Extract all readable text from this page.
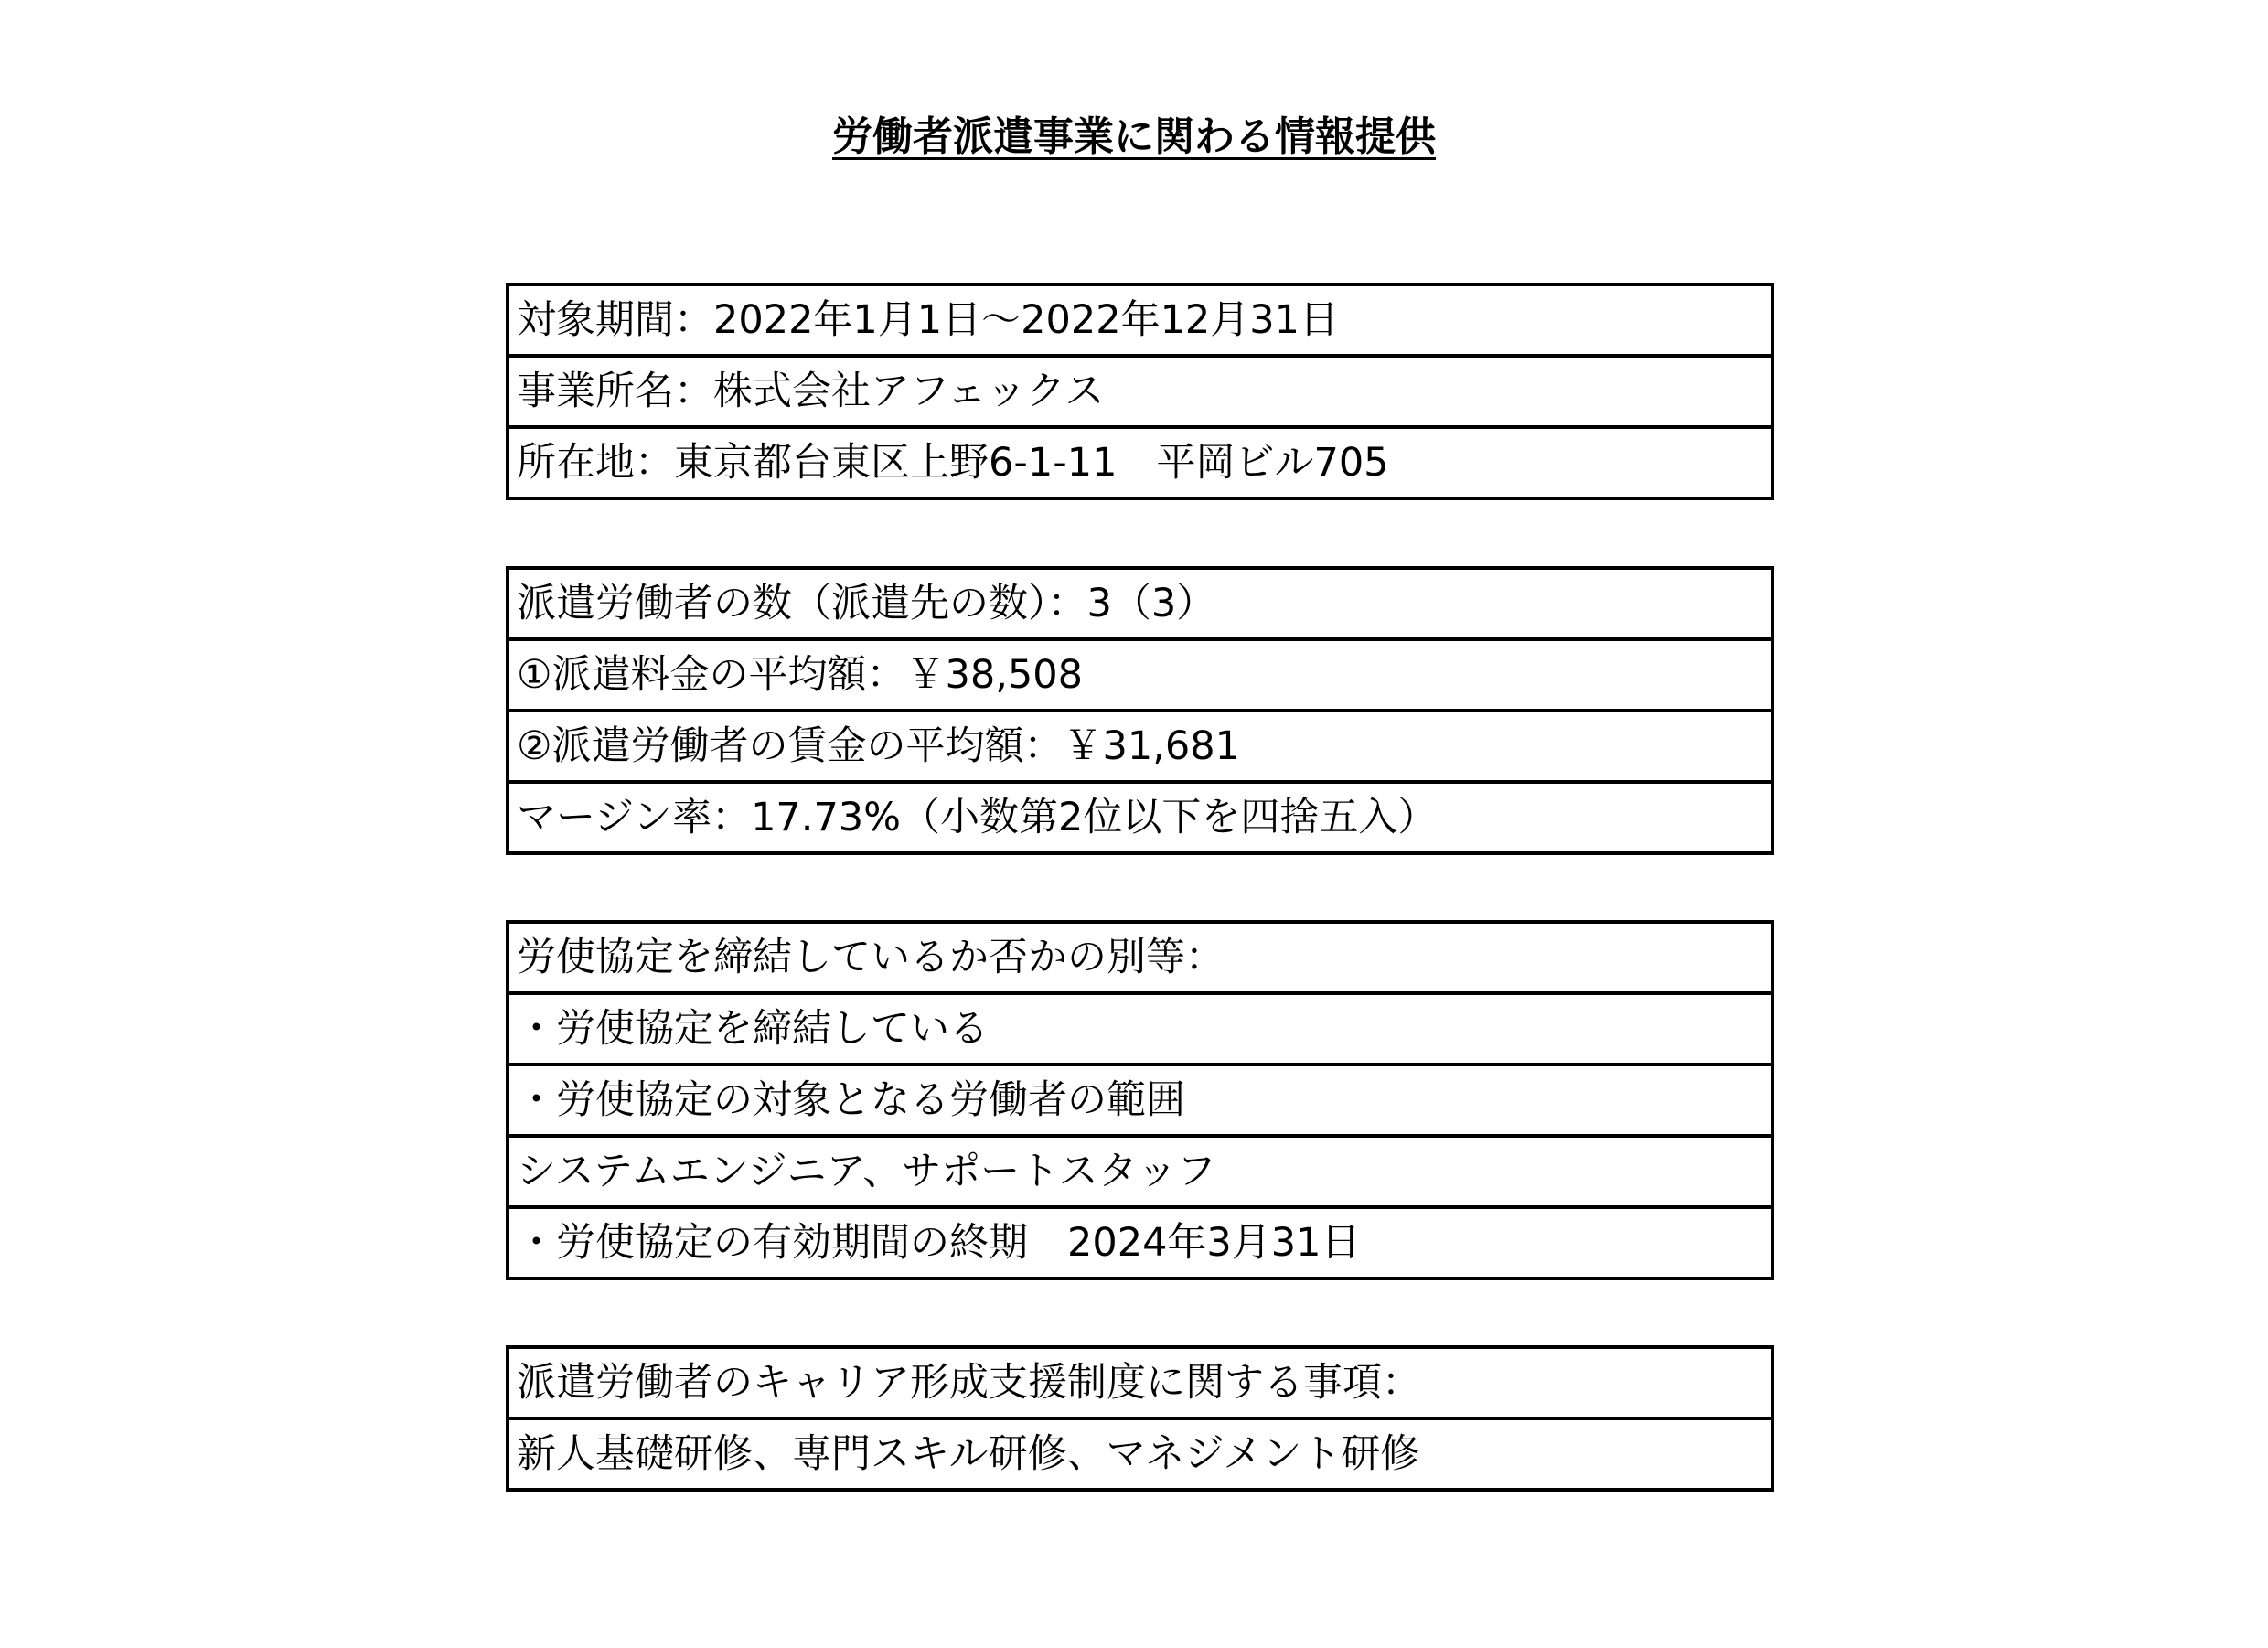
労働者派遣事業に関わる情報提供
対象期間：2022年1月1日～2022年12月31日
事業所名：株式会社アフェックス
所在地：東京都台東区上野6-1-11　平岡ビル705
派遣労働者の数（派遣先の数）：3（3）
①派遣料金の平均額：￥38,508
②派遣労働者の賃金の平均額：￥31,681
マージン率：17.73%（小数第2位以下を四捨五入）
労使協定を締結しているか否かの別等：
・労使協定を締結している
・労使協定の対象となる労働者の範囲
システムエンジニア、サポートスタッフ
・労使協定の有効期間の終期　2024年3月31日
派遣労働者のキャリア形成支援制度に関する事項：
新人基礎研修、専門スキル研修、マネジメント研修
